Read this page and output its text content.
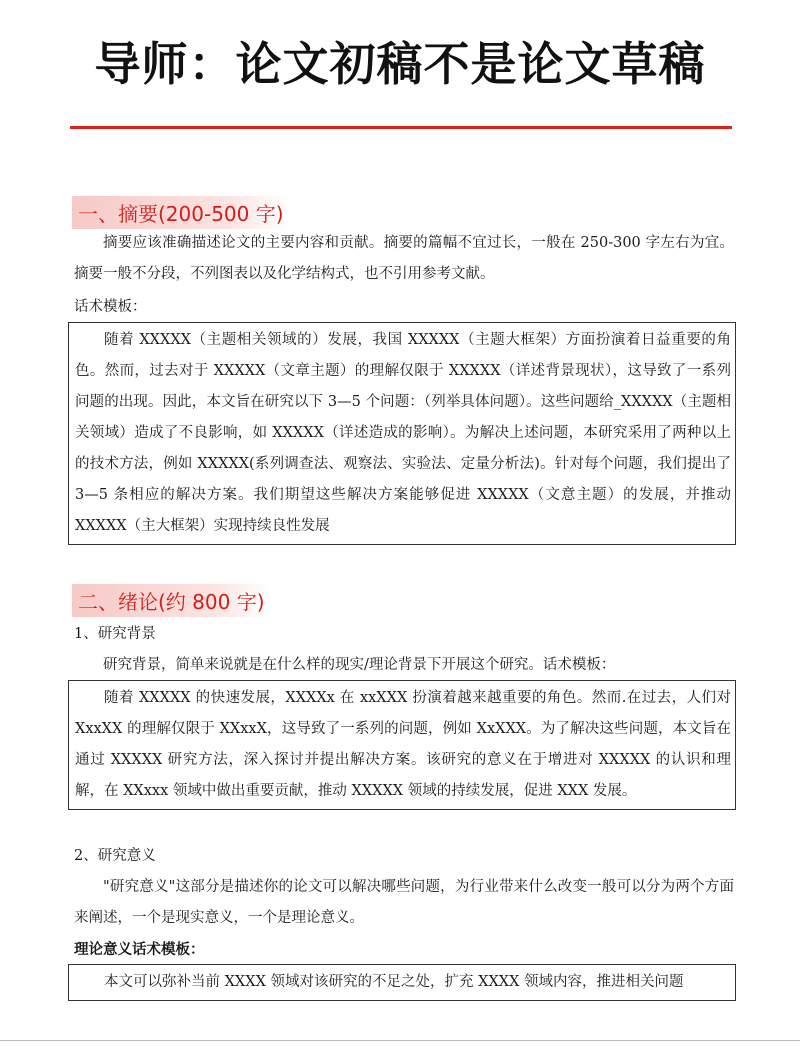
导师：论文初稿不是论文草稿
一、摘要(200-500 字)
摘要应该准确描述论文的主要内容和贡献。摘要的篇幅不宜过长，一般在 250-300 字左右为宜。摘要一般不分段，不列图表以及化学结构式，也不引用参考文献。
话术模板：
随着 XXXXX（主题相关领域的）发展，我国 XXXXX（主题大框架）方面扮演着日益重要的角色。然而，过去对于 XXXXX（文章主题）的理解仅限于 XXXXX（详述背景现状），这导致了一系列问题的出现。因此，本文旨在研究以下 3—5 个问题：（列举具体问题）。这些问题给_XXXXX（主题相关领域）造成了不良影响，如 XXXXX（详述造成的影响）。为解决上述问题，本研究采用了两种以上的技术方法，例如 XXXXX(系列调查法、观察法、实验法、定量分析法)。针对每个问题，我们提出了 3—5 条相应的解决方案。我们期望这些解决方案能够促进 XXXXX（文意主题）的发展，并推动 XXXXX（主大框架）实现持续良性发展
二、绪论(约 800 字)
1、研究背景
研究背景，简单来说就是在什么样的现实/理论背景下开展这个研究。话术模板：
随着 XXXXX 的快速发展，XXXXx 在 xxXXX 扮演着越来越重要的角色。然而.在过去，人们对 XxxXX 的理解仅限于 XXxxX，这导致了一系列的问题，例如 XxXXX。为了解决这些问题，本文旨在通过 XXXXX 研究方法，深入探讨并提出解决方案。该研究的意义在于增进对 XXXXX 的认识和理解，在 XXxxx 领域中做出重要贡献，推动 XXXXX 领域的持续发展，促进 XXX 发展。
2、研究意义
"研究意义"这部分是描述你的论文可以解决哪些问题，为行业带来什么改变一般可以分为两个方面来阐述，一个是现实意义，一个是理论意义。
理论意义话术模板：
本文可以弥补当前 XXXX 领域对该研究的不足之处，扩充 XXXX 领域内容，推进相关问题
